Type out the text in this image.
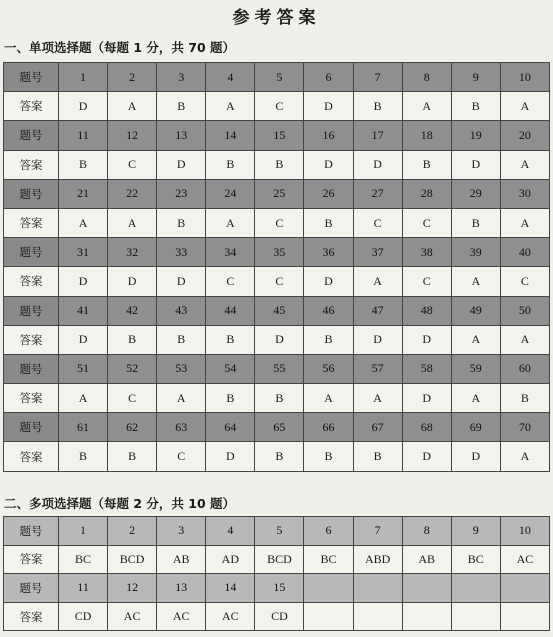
参考答案
一、单项选择题（每题 1 分，共 70 题）
题号	1	2	3	4	5	6	7	8	9	10
答案	D	A	B	A	C	D	B	A	B	A
题号	11	12	13	14	15	16	17	18	19	20
答案	B	C	D	B	B	D	D	B	D	A
题号	21	22	23	24	25	26	27	28	29	30
答案	A	A	B	A	C	B	C	C	B	A
题号	31	32	33	34	35	36	37	38	39	40
答案	D	D	D	C	C	D	A	C	A	C
题号	41	42	43	44	45	46	47	48	49	50
答案	D	B	B	B	D	B	D	D	A	A
题号	51	52	53	54	55	56	57	58	59	60
答案	A	C	A	B	B	A	A	D	A	B
题号	61	62	63	64	65	66	67	68	69	70
答案	B	B	C	D	B	B	B	D	D	A
二、多项选择题（每题 2 分，共 10 题）
题号	1	2	3	4	5	6	7	8	9	10
答案	BC	BCD	AB	AD	BCD	BC	ABD	AB	BC	AC
题号	11	12	13	14	15					
答案	CD	AC	AC	AC	CD					
